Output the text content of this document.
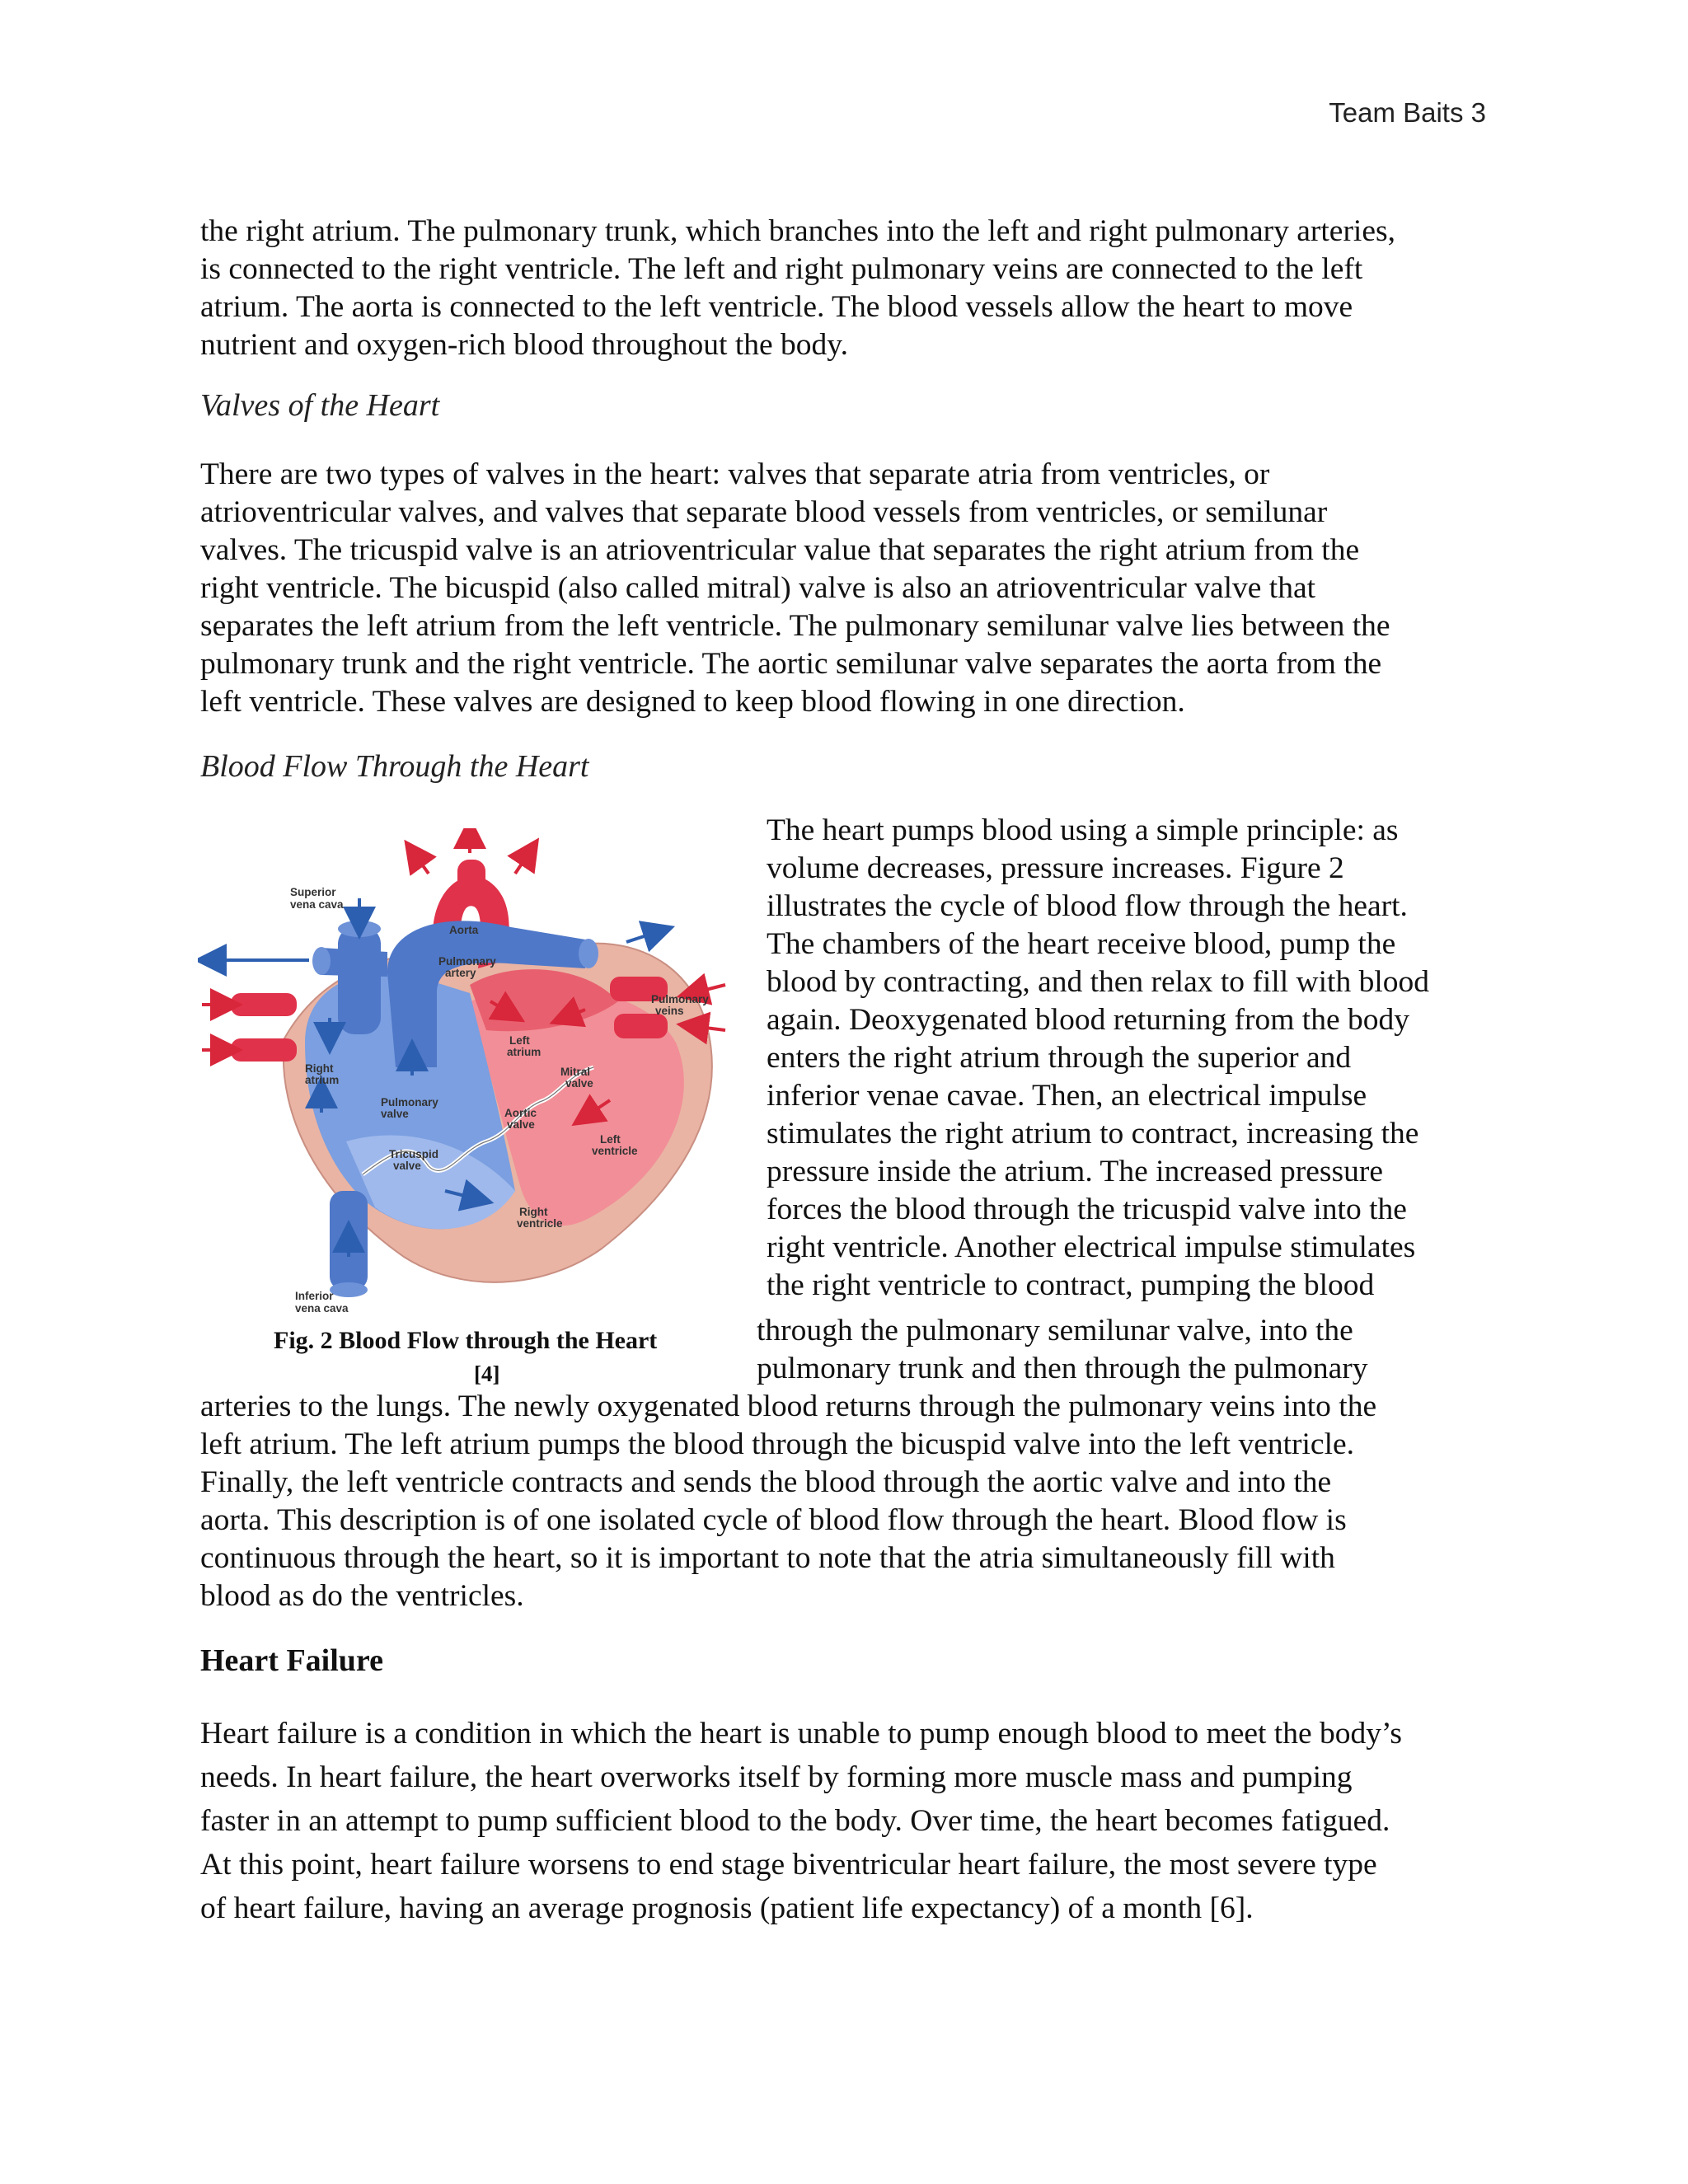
Team Baits 3

the right atrium. The pulmonary trunk, which branches into the left and right pulmonary arteries,

is connected to the right ventricle. The left and right pulmonary veins are connected to the left

atrium. The aorta is connected to the left ventricle. The blood vessels allow the heart to move

nutrient and oxygen-rich blood throughout the body.

Valves of the Heart

There are two types of valves in the heart: valves that separate atria from ventricles, or

atrioventricular valves, and valves that separate blood vessels from ventricles, or semilunar

valves. The tricuspid valve is an atrioventricular value that separates the right atrium from the

right ventricle. The bicuspid (also called mitral) valve is also an atrioventricular valve that

separates the left atrium from the left ventricle. The pulmonary semilunar valve lies between the

pulmonary trunk and the right ventricle. The aortic semilunar valve separates the aorta from the

left ventricle. These valves are designed to keep blood flowing in one direction.

Blood Flow Through the Heart

The heart pumps blood using a simple principle: as

volume decreases, pressure increases. Figure 2

illustrates the cycle of blood flow through the heart.

The chambers of the heart receive blood, pump the

blood by contracting, and then relax to fill with blood

again. Deoxygenated blood returning from the body

enters the right atrium through the superior and

inferior venae cavae. Then, an electrical impulse

stimulates the right atrium to contract, increasing the

pressure inside the atrium. The increased pressure

forces the blood through the tricuspid valve into the

right ventricle. Another electrical impulse stimulates

the right ventricle to contract, pumping the blood

through the pulmonary semilunar valve, into the

pulmonary trunk and then through the pulmonary

Superior
vena cava
Aorta
Pulmonary
artery
Pulmonary
veins
Left
atrium
Right
atrium
Mitral
valve
Pulmonary
valve	Aortic
valve
Left
ventricle
Tricuspid
valve
Right
ventricle
Inferior
vena cava
Fig. 2 Blood Flow through the Heart
[4]

arteries to the lungs. The newly oxygenated blood returns through the pulmonary veins into the

left atrium. The left atrium pumps the blood through the bicuspid valve into the left ventricle.

Finally, the left ventricle contracts and sends the blood through the aortic valve and into the

aorta. This description is of one isolated cycle of blood flow through the heart. Blood flow is

continuous through the heart, so it is important to note that the atria simultaneously fill with

blood as do the ventricles.

Heart Failure

Heart failure is a condition in which the heart is unable to pump enough blood to meet the body’s

needs. In heart failure, the heart overworks itself by forming more muscle mass and pumping

faster in an attempt to pump sufficient blood to the body. Over time, the heart becomes fatigued.

At this point, heart failure worsens to end stage biventricular heart failure, the most severe type

of heart failure, having an average prognosis (patient life expectancy) of a month [6].
